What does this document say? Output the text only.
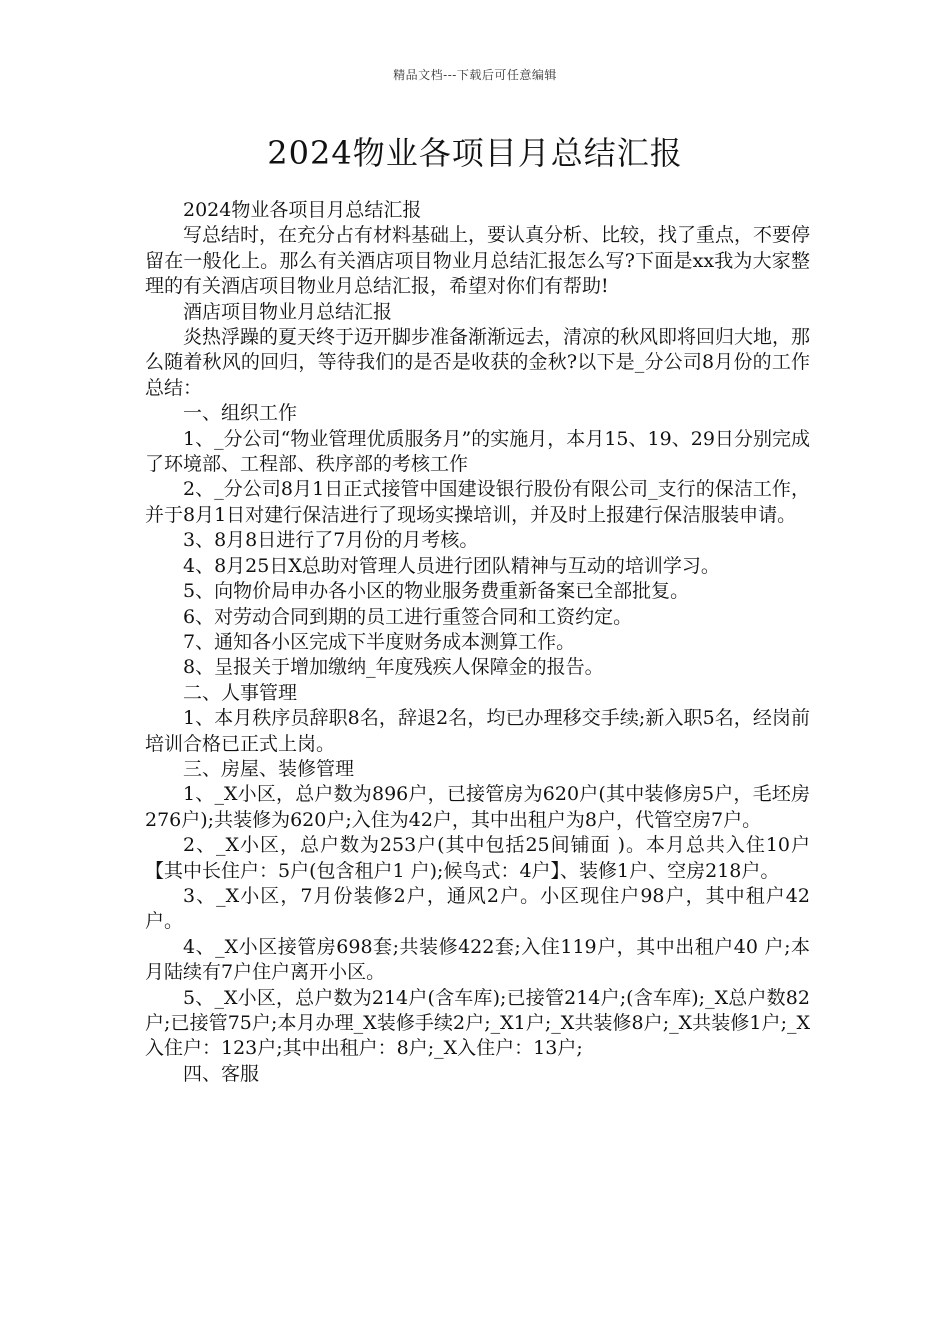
精品文档---下载后可任意编辑
2024物业各项目月总结汇报

2024物业各项目月总结汇报

写总结时，在充分占有材料基础上，要认真分析、比较，找了重点，不要停留在一般化上。那么有关酒店项目物业月总结汇报怎么写?下面是xx我为大家整理的有关酒店项目物业月总结汇报，希望对你们有帮助!

酒店项目物业月总结汇报

炎热浮躁的夏天终于迈开脚步准备渐渐远去，清凉的秋风即将回归大地，那么随着秋风的回归，等待我们的是否是收获的金秋?以下是_分公司8月份的工作总结：

一、组织工作

1、_分公司“物业管理优质服务月”的实施月，本月15、19、29日分别完成了环境部、工程部、秩序部的考核工作

2、_分公司8月1日正式接管中国建设银行股份有限公司_支行的保洁工作，并于8月1日对建行保洁进行了现场实操培训，并及时上报建行保洁服装申请。

3、8月8日进行了7月份的月考核。

4、8月25日X总助对管理人员进行团队精神与互动的培训学习。

5、向物价局申办各小区的物业服务费重新备案已全部批复。

6、对劳动合同到期的员工进行重签合同和工资约定。

7、通知各小区完成下半度财务成本测算工作。

8、呈报关于增加缴纳_年度残疾人保障金的报告。

二、人事管理

1、本月秩序员辞职8名，辞退2名，均已办理移交手续;新入职5名，经岗前培训合格已正式上岗。

三、房屋、装修管理

1、_X小区，总户数为896户，已接管房为620户(其中装修房5户，毛坯房276户);共装修为620户;入住为42户，其中出租户为8户，代管空房7户。

2、_X小区，总户数为253户(其中包括25间铺面 )。本月总共入住10户【其中长住户：5户(包含租户1 户);候鸟式：4户】、装修1户、空房218户。

3、_X小区，7月份装修2户，通风2户。小区现住户98户，其中租户42户。

4、_X小区接管房698套;共装修422套;入住119户，其中出租户40 户;本月陆续有7户住户离开小区。

5、_X小区，总户数为214户(含车库);已接管214户;(含车库);_X总户数82户;已接管75户;本月办理_X装修手续2户;_X1户;_X共装修8户;_X共装修1户;_X入住户：123户;其中出租户：8户;_X入住户：13户;

四、客服
